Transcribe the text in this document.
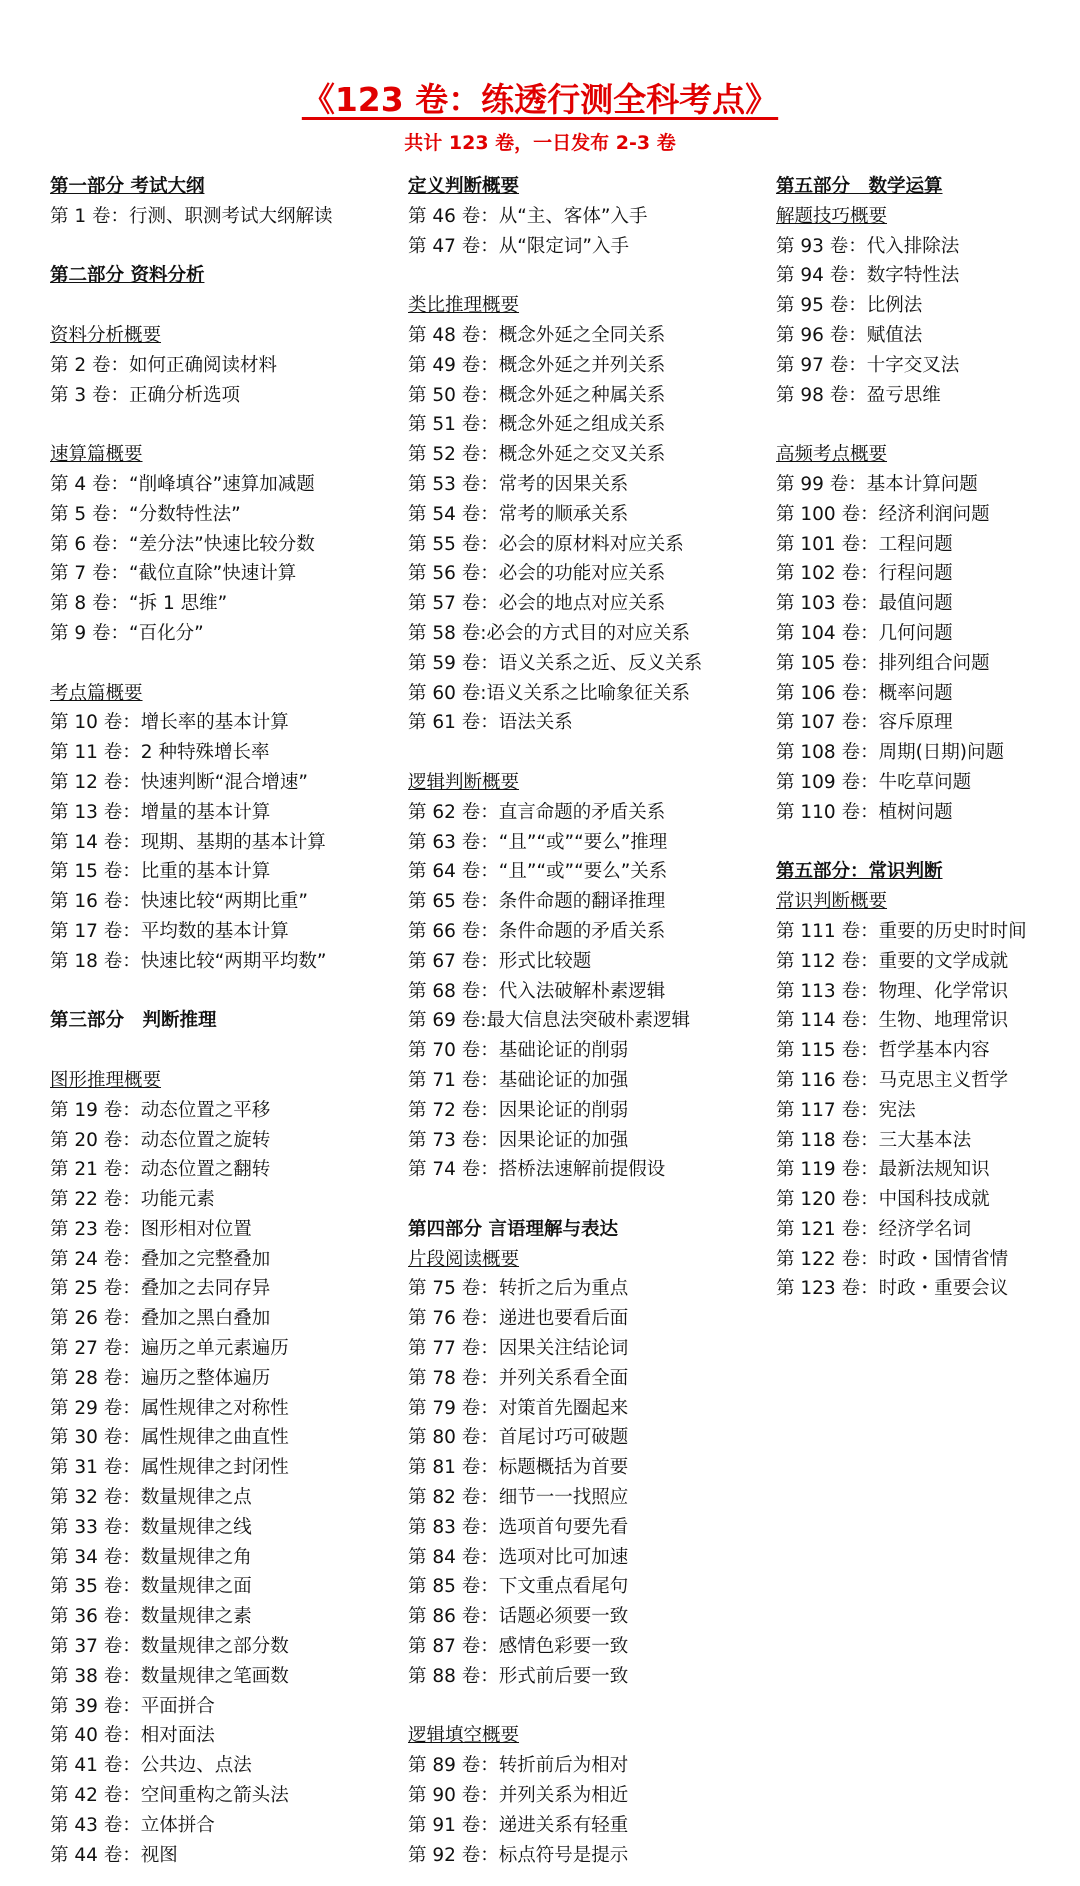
《123 卷：练透行测全科考点》
共计 123 卷，一日发布 2-3 卷
第一部分 考试大纲
第 1 卷：行测、职测考试大纲解读
第二部分 资料分析
资料分析概要
第 2 卷：如何正确阅读材料
第 3 卷：正确分析选项
速算篇概要
第 4 卷：“削峰填谷”速算加减题
第 5 卷：“分数特性法”
第 6 卷：“差分法”快速比较分数
第 7 卷：“截位直除”快速计算
第 8 卷：“拆 1 思维”
第 9 卷：“百化分”
考点篇概要
第 10 卷：增长率的基本计算
第 11 卷：2 种特殊增长率
第 12 卷：快速判断“混合增速”
第 13 卷：增量的基本计算
第 14 卷：现期、基期的基本计算
第 15 卷：比重的基本计算
第 16 卷：快速比较“两期比重”
第 17 卷：平均数的基本计算
第 18 卷：快速比较“两期平均数”
第三部分　判断推理
图形推理概要
第 19 卷：动态位置之平移
第 20 卷：动态位置之旋转
第 21 卷：动态位置之翻转
第 22 卷：功能元素
第 23 卷：图形相对位置
第 24 卷：叠加之完整叠加
第 25 卷：叠加之去同存异
第 26 卷：叠加之黑白叠加
第 27 卷：遍历之单元素遍历
第 28 卷：遍历之整体遍历
第 29 卷：属性规律之对称性
第 30 卷：属性规律之曲直性
第 31 卷：属性规律之封闭性
第 32 卷：数量规律之点
第 33 卷：数量规律之线
第 34 卷：数量规律之角
第 35 卷：数量规律之面
第 36 卷：数量规律之素
第 37 卷：数量规律之部分数
第 38 卷：数量规律之笔画数
第 39 卷：平面拼合
第 40 卷：相对面法
第 41 卷：公共边、点法
第 42 卷：空间重构之箭头法
第 43 卷：立体拼合
第 44 卷：视图
定义判断概要
第 46 卷：从“主、客体”入手
第 47 卷：从“限定词”入手
类比推理概要
第 48 卷：概念外延之全同关系
第 49 卷：概念外延之并列关系
第 50 卷：概念外延之种属关系
第 51 卷：概念外延之组成关系
第 52 卷：概念外延之交叉关系
第 53 卷：常考的因果关系
第 54 卷：常考的顺承关系
第 55 卷：必会的原材料对应关系
第 56 卷：必会的功能对应关系
第 57 卷：必会的地点对应关系
第 58 卷:必会的方式目的对应关系
第 59 卷：语义关系之近、反义关系
第 60 卷:语义关系之比喻象征关系
第 61 卷：语法关系
逻辑判断概要
第 62 卷：直言命题的矛盾关系
第 63 卷：“且”“或”“要么”推理
第 64 卷：“且”“或”“要么”关系
第 65 卷：条件命题的翻译推理
第 66 卷：条件命题的矛盾关系
第 67 卷：形式比较题
第 68 卷：代入法破解朴素逻辑
第 69 卷:最大信息法突破朴素逻辑
第 70 卷：基础论证的削弱
第 71 卷：基础论证的加强
第 72 卷：因果论证的削弱
第 73 卷：因果论证的加强
第 74 卷：搭桥法速解前提假设
第四部分 言语理解与表达
片段阅读概要
第 75 卷：转折之后为重点
第 76 卷：递进也要看后面
第 77 卷：因果关注结论词
第 78 卷：并列关系看全面
第 79 卷：对策首先圈起来
第 80 卷：首尾讨巧可破题
第 81 卷：标题概括为首要
第 82 卷：细节一一找照应
第 83 卷：选项首句要先看
第 84 卷：选项对比可加速
第 85 卷：下文重点看尾句
第 86 卷：话题必须要一致
第 87 卷：感情色彩要一致
第 88 卷：形式前后要一致
逻辑填空概要
第 89 卷：转折前后为相对
第 90 卷：并列关系为相近
第 91 卷：递进关系有轻重
第 92 卷：标点符号是提示
第五部分　数学运算
解题技巧概要
第 93 卷：代入排除法
第 94 卷：数字特性法
第 95 卷：比例法
第 96 卷：赋值法
第 97 卷：十字交叉法
第 98 卷：盈亏思维
高频考点概要
第 99 卷：基本计算问题
第 100 卷：经济利润问题
第 101 卷：工程问题
第 102 卷：行程问题
第 103 卷：最值问题
第 104 卷：几何问题
第 105 卷：排列组合问题
第 106 卷：概率问题
第 107 卷：容斥原理
第 108 卷：周期(日期)问题
第 109 卷：牛吃草问题
第 110 卷：植树问题
第五部分：常识判断
常识判断概要
第 111 卷：重要的历史时时间
第 112 卷：重要的文学成就
第 113 卷：物理、化学常识
第 114 卷：生物、地理常识
第 115 卷：哲学基本内容
第 116 卷：马克思主义哲学
第 117 卷：宪法
第 118 卷：三大基本法
第 119 卷：最新法规知识
第 120 卷：中国科技成就
第 121 卷：经济学名词
第 122 卷：时政・国情省情
第 123 卷：时政・重要会议
